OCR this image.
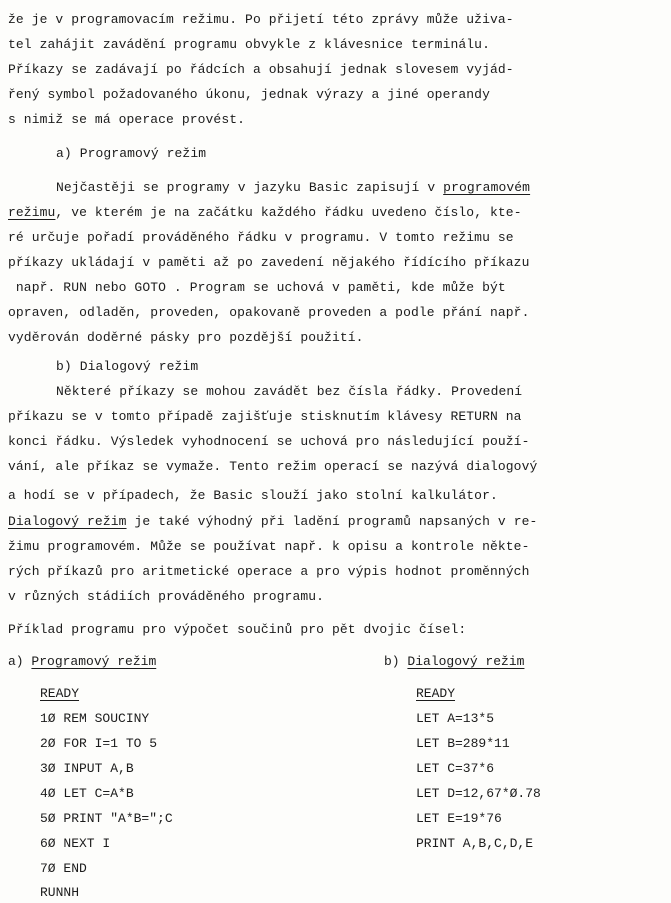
že je v programovacím režimu. Po přijetí této zprávy může uživa-
tel zahájit zavádění programu obvykle z klávesnice terminálu.
Příkazy se zadávají po řádcích a obsahují jednak slovesem vyjád-
řený symbol požadovaného úkonu, jednak výrazy a jiné operandy
s nimiž se má operace provést.
a) Programový režim
Nejčastěji se programy v jazyku Basic zapisují v programovém
režimu, ve kterém je na začátku každého řádku uvedeno číslo, kte-
ré určuje pořadí prováděného řádku v programu. V tomto režimu se
příkazy ukládají v paměti až po zavedení nějakého řídícího příkazu
např. RUN nebo GOTO . Program se uchová v paměti, kde může být
opraven, odladěn, proveden, opakovaně proveden a podle přání např.
vyděrován doděrné pásky pro pozdější použití.
b) Dialogový režim
Některé příkazy se mohou zavádět bez čísla řádky. Provedení
příkazu se v tomto případě zajišťuje stisknutím klávesy RETURN na
konci řádku. Výsledek vyhodnocení se uchová pro následující použí-
vání, ale příkaz se vymaže. Tento režim operací se nazývá dialogový
a hodí se v případech, že Basic slouží jako stolní kalkulátor.
Dialogový režim je také výhodný při ladění programů napsaných v re-
žimu programovém. Může se používat např. k opisu a kontrole někte-
rých příkazů pro aritmetické operace a pro výpis hodnot proměnných
v různých stádiích prováděného programu.
Příklad programu pro výpočet součinů pro pět dvojic čísel:
a) Programový režim
READY
1Ø REM SOUCINY
2Ø FOR I=1 TO 5
3Ø INPUT A,B
4Ø LET C=A*B
5Ø PRINT "A*B=";C
6Ø NEXT I
7Ø END
RUNNH
b) Dialogový režim
READY
LET A=13*5
LET B=289*11
LET C=37*6
LET D=12,67*Ø.78
LET E=19*76
PRINT A,B,C,D,E
